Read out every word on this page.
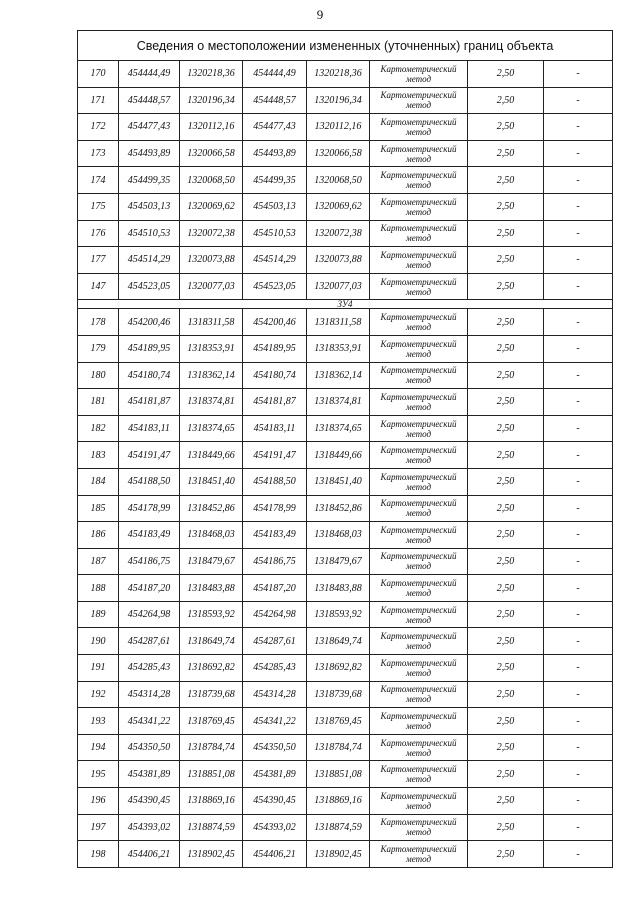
9
Сведения о местоположении измененных (уточненных) границ объекта							
170	454444,49	1320218,36	454444,49	1320218,36	Картометрический метод	2,50	-
171	454448,57	1320196,34	454448,57	1320196,34	Картометрический метод	2,50	-
172	454477,43	1320112,16	454477,43	1320112,16	Картометрический метод	2,50	-
173	454493,89	1320066,58	454493,89	1320066,58	Картометрический метод	2,50	-
174	454499,35	1320068,50	454499,35	1320068,50	Картометрический метод	2,50	-
175	454503,13	1320069,62	454503,13	1320069,62	Картометрический метод	2,50	-
176	454510,53	1320072,38	454510,53	1320072,38	Картометрический метод	2,50	-
177	454514,29	1320073,88	454514,29	1320073,88	Картометрический метод	2,50	-
147	454523,05	1320077,03	454523,05	1320077,03	Картометрический метод	2,50	-
ЗУ4							
178	454200,46	1318311,58	454200,46	1318311,58	Картометрический метод	2,50	-
179	454189,95	1318353,91	454189,95	1318353,91	Картометрический метод	2,50	-
180	454180,74	1318362,14	454180,74	1318362,14	Картометрический метод	2,50	-
181	454181,87	1318374,81	454181,87	1318374,81	Картометрический метод	2,50	-
182	454183,11	1318374,65	454183,11	1318374,65	Картометрический метод	2,50	-
183	454191,47	1318449,66	454191,47	1318449,66	Картометрический метод	2,50	-
184	454188,50	1318451,40	454188,50	1318451,40	Картометрический метод	2,50	-
185	454178,99	1318452,86	454178,99	1318452,86	Картометрический метод	2,50	-
186	454183,49	1318468,03	454183,49	1318468,03	Картометрический метод	2,50	-
187	454186,75	1318479,67	454186,75	1318479,67	Картометрический метод	2,50	-
188	454187,20	1318483,88	454187,20	1318483,88	Картометрический метод	2,50	-
189	454264,98	1318593,92	454264,98	1318593,92	Картометрический метод	2,50	-
190	454287,61	1318649,74	454287,61	1318649,74	Картометрический метод	2,50	-
191	454285,43	1318692,82	454285,43	1318692,82	Картометрический метод	2,50	-
192	454314,28	1318739,68	454314,28	1318739,68	Картометрический метод	2,50	-
193	454341,22	1318769,45	454341,22	1318769,45	Картометрический метод	2,50	-
194	454350,50	1318784,74	454350,50	1318784,74	Картометрический метод	2,50	-
195	454381,89	1318851,08	454381,89	1318851,08	Картометрический метод	2,50	-
196	454390,45	1318869,16	454390,45	1318869,16	Картометрический метод	2,50	-
197	454393,02	1318874,59	454393,02	1318874,59	Картометрический метод	2,50	-
198	454406,21	1318902,45	454406,21	1318902,45	Картометрический метод	2,50	-
